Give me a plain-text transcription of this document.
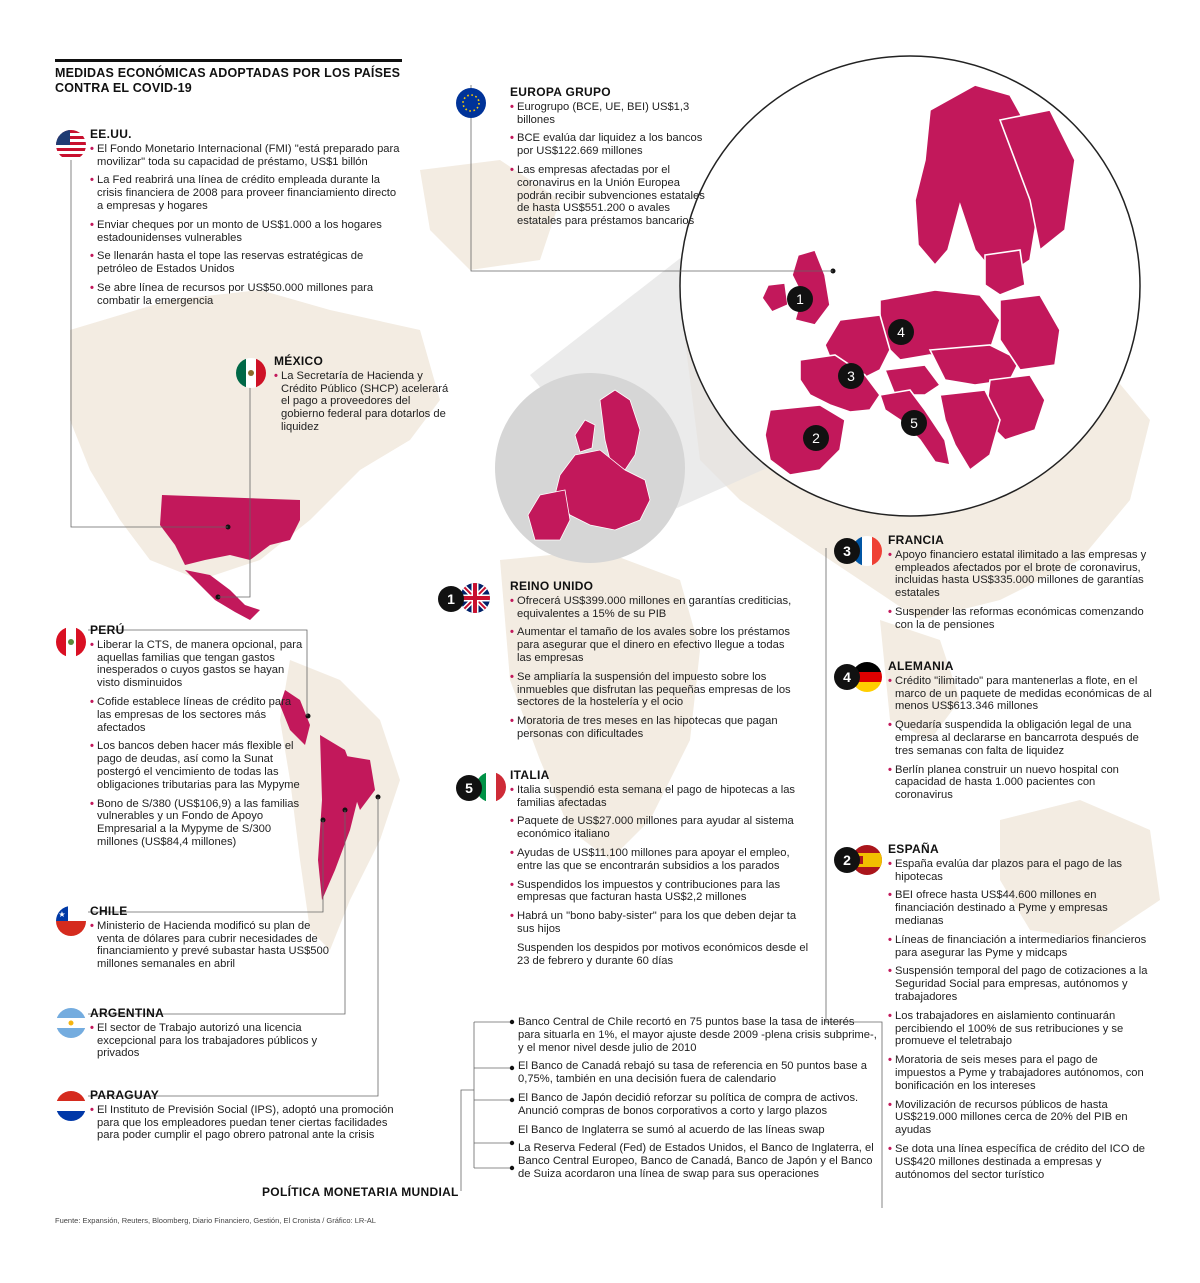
1
2
3
4
5
MEDIDAS ECONÓMICAS ADOPTADAS POR LOS PAÍSES CONTRA EL COVID-19
★
1
5
3
4
2
EE.UU.
• El Fondo Monetario Internacional (FMI) "está preparado para movilizar" toda su capacidad de préstamo, US$1 billón
• La Fed reabrirá una línea de crédito empleada durante la crisis financiera de 2008 para proveer financiamiento directo a empresas y hogares
• Enviar cheques por un monto de US$1.000 a los hogares estadounidenses vulnerables
• Se llenarán hasta el tope las reservas estratégicas de petróleo de Estados Unidos
• Se abre línea de recursos por US$50.000 millones para combatir la emergencia
MÉXICO
• La Secretaría de Hacienda y Crédito Público (SHCP) acelerará el pago a proveedores del gobierno federal para dotarlos de liquidez
PERÚ
• Liberar la CTS, de manera opcional, para aquellas familias que tengan gastos inesperados o cuyos gastos se hayan visto disminuidos
• Cofide establece líneas de crédito para las empresas de los sectores más afectados
• Los bancos deben hacer más flexible el pago de deudas, así como la Sunat postergó el vencimiento de todas las obligaciones tributarias para las Mypyme
• Bono de S/380 (US$106,9) a las familias vulnerables y un Fondo de Apoyo Empresarial a la Mypyme de S/300 millones (US$84,4 millones)
CHILE
• Ministerio de Hacienda modificó su plan de venta de dólares para cubrir necesidades de financiamiento y prevé subastar hasta US$500 millones semanales en abril
ARGENTINA
• El sector de Trabajo autorizó una licencia excepcional para los trabajadores públicos y privados
PARAGUAY
• El Instituto de Previsión Social (IPS), adoptó una promoción para que los empleadores puedan tener ciertas facilidades para poder cumplir el pago obrero patronal ante la crisis
EUROPA GRUPO
• Eurogrupo (BCE, UE, BEI) US$1,3 billones
• BCE evalúa dar liquidez a los bancos por US$122.669 millones
• Las empresas afectadas por el coronavirus en la Unión Europea podrán recibir subvenciones estatales de hasta US$551.200 o avales estatales para préstamos bancarios
REINO UNIDO
• Ofrecerá US$399.000 millones en garantías crediticias, equivalentes a 15% de su PIB
• Aumentar el tamaño de los avales sobre los préstamos para asegurar que el dinero en efectivo llegue a todas las empresas
• Se ampliaría la suspensión del impuesto sobre los inmuebles que disfrutan las pequeñas empresas de los sectores de la hostelería y el ocio
• Moratoria de tres meses en las hipotecas que pagan personas con dificultades
ITALIA
• Italia suspendió esta semana el pago de hipotecas a las familias afectadas
• Paquete de US$27.000 millones para ayudar al sistema económico italiano
• Ayudas de US$11.100 millones para apoyar el empleo, entre las que se encontrarán subsidios a los parados
• Suspendidos los impuestos y contribuciones para las empresas que facturan hasta US$2,2 millones
• Habrá un "bono baby-sister" para los que deben dejar ta sus hijos
Suspenden los despidos por motivos económicos desde el 23 de febrero y durante 60 días
FRANCIA
• Apoyo financiero estatal ilimitado a las empresas y empleados afectados por el brote de coronavirus, incluidas hasta US$335.000 millones de garantías estatales
• Suspender las reformas económicas comenzando con la de pensiones
ALEMANIA
• Crédito "ilimitado" para mantenerlas a flote, en el marco de un paquete de medidas económicas de al menos US$613.346 millones
• Quedaría suspendida la obligación legal de una empresa al declararse en bancarrota después de tres semanas con falta de liquidez
• Berlín planea construir un nuevo hospital con capacidad de hasta 1.000 pacientes con coronavirus
ESPAÑA
• España evalúa dar plazos para el pago de las hipotecas
• BEI ofrece hasta US$44.600 millones en financiación destinado a Pyme y empresas medianas
• Líneas de financiación a intermediarios financieros para asegurar las Pyme y midcaps
• Suspensión temporal del pago de cotizaciones a la Seguridad Social para empresas, autónomos y trabajadores
• Los trabajadores en aislamiento continuarán percibiendo el 100% de sus retribuciones y se promueve el teletrabajo
• Moratoria de seis meses para el pago de impuestos a Pyme y trabajadores autónomos, con bonificación en los intereses
• Movilización de recursos públicos de hasta US$219.000 millones cerca de 20% del PIB en ayudas
• Se dota una línea específica de crédito del ICO de US$420 millones destinada a empresas y autónomos del sector turístico
Banco Central de Chile recortó en 75 puntos base la tasa de interés para situarla en 1%, el mayor ajuste desde 2009 -plena crisis subprime-, y el menor nivel desde julio de 2010
El Banco de Canadá rebajó su tasa de referencia en 50 puntos base a 0,75%, también en una decisión fuera de calendario
El Banco de Japón decidió reforzar su política de compra de activos. Anunció compras de bonos corporativos a corto y largo plazos
El Banco de Inglaterra se sumó al acuerdo de las líneas swap
La Reserva Federal (Fed) de Estados Unidos, el Banco de Inglaterra, el Banco Central Europeo, Banco de Canadá, Banco de Japón y el Banco de Suiza acordaron una línea de swap para sus operaciones
POLÍTICA MONETARIA MUNDIAL
Fuente: Expansión, Reuters, Bloomberg, Diario Financiero, Gestión, El Cronista / Gráfico: LR-AL
